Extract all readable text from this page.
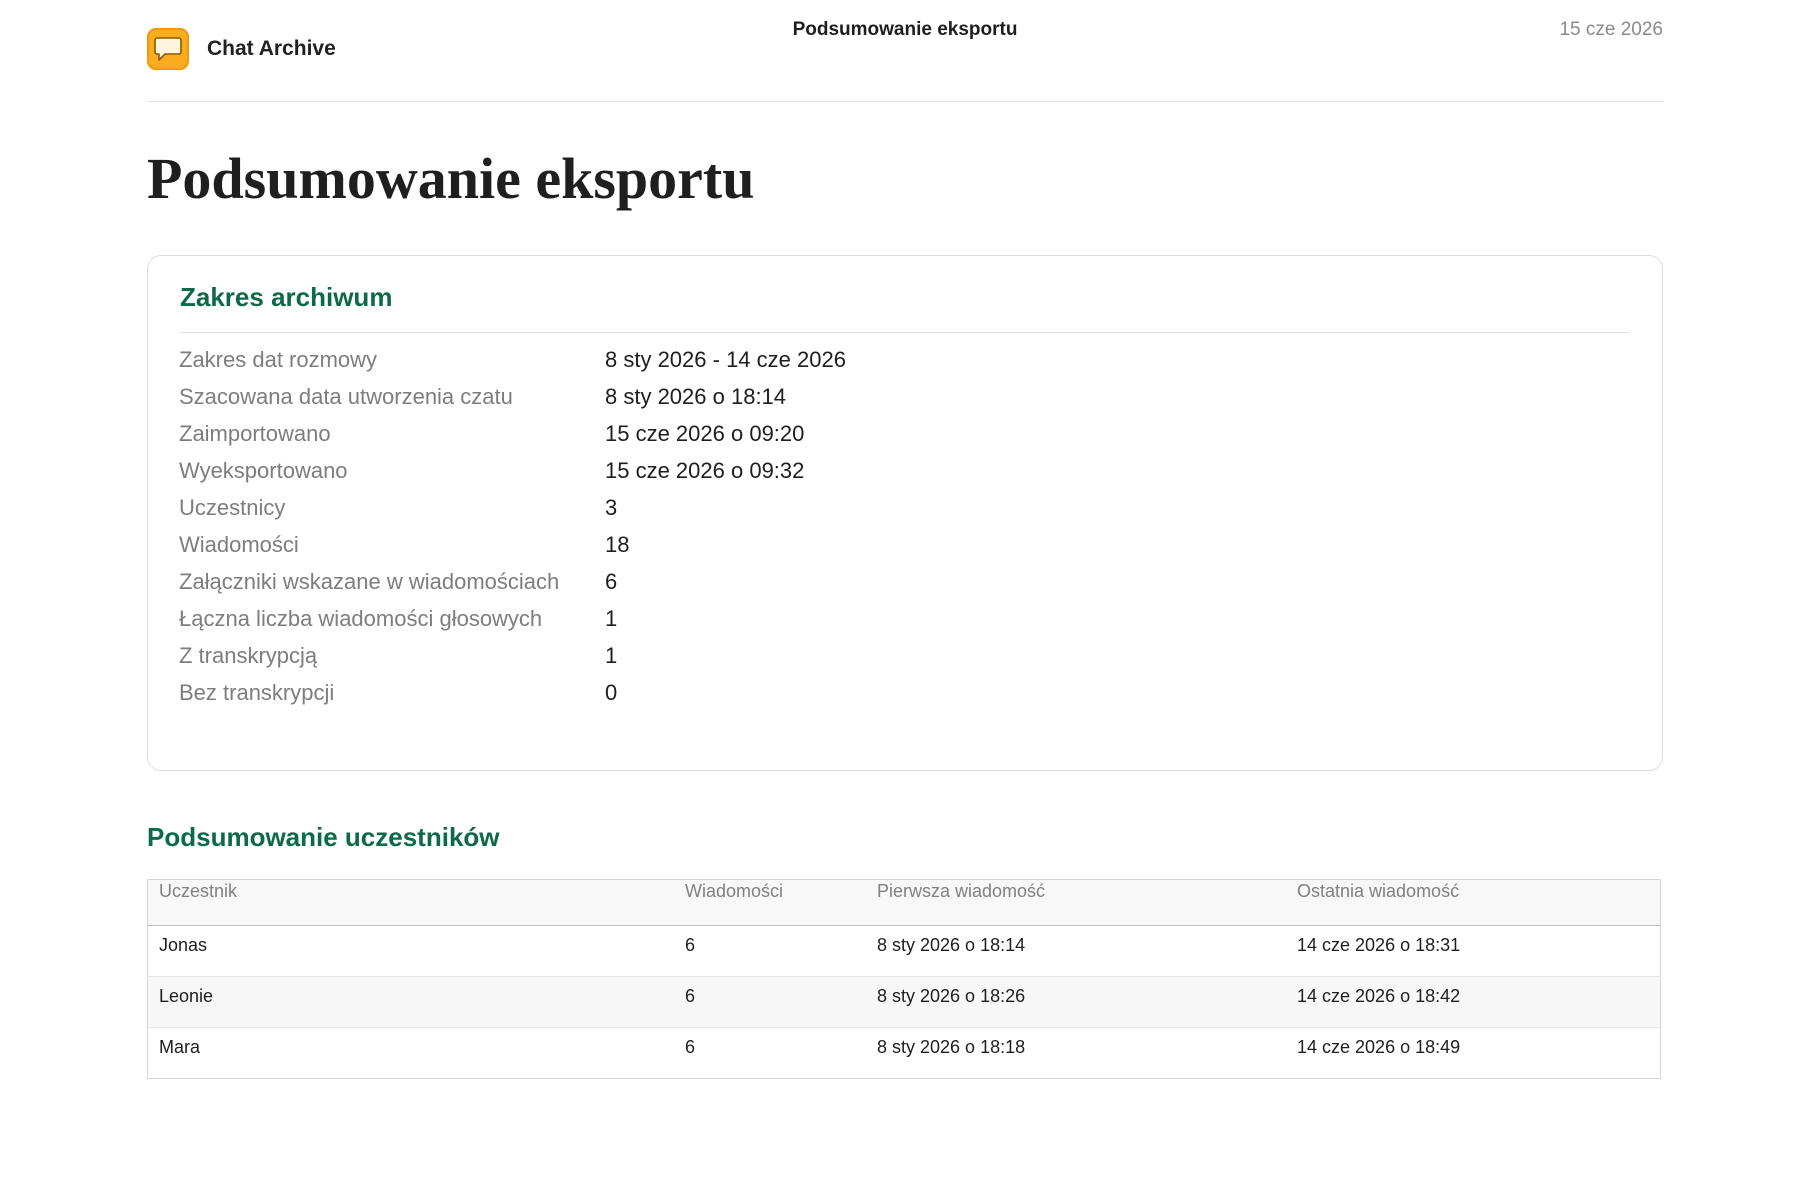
Chat Archive
Podsumowanie eksportu	15 cze 2026
Podsumowanie eksportu
Zakres archiwum
Zakres dat rozmowy	8 sty 2026 - 14 cze 2026
Szacowana data utworzenia czatu	8 sty 2026 o 18:14
Zaimportowano	15 cze 2026 o 09:20
Wyeksportowano	15 cze 2026 o 09:32
Uczestnicy	3
Wiadomości	18
Załączniki wskazane w wiadomościach 6
Łączna liczba wiadomości głosowych	1
Z transkrypcją	1
Bez transkrypcji	0
Podsumowanie uczestników
Uczestnik	Wiadomości	Pierwsza wiadomość	Ostatnia wiadomość
Jonas	6	8 sty 2026 o 18:14	14 cze 2026 o 18:31
Leonie	6	8 sty 2026 o 18:26	14 cze 2026 o 18:42
Mara	6	8 sty 2026 o 18:18	14 cze 2026 o 18:49
